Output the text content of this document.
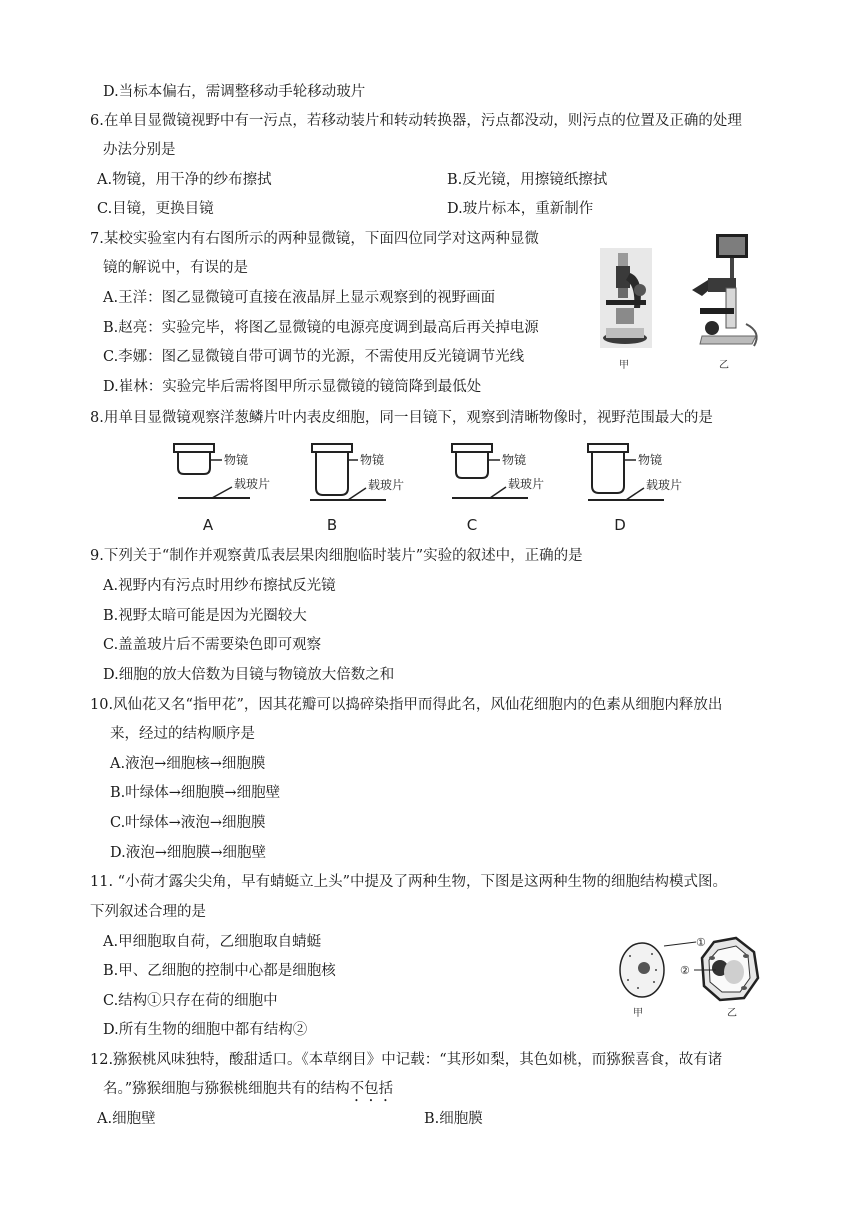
D.当标本偏右，需调整移动手轮移动玻片
6.在单目显微镜视野中有一污点，若移动装片和转动转换器，污点都没动，则污点的位置及正确的处理
办法分别是
A.物镜，用干净的纱布擦拭	B.反光镜，用擦镜纸擦拭
C.目镜，更换目镜	D.玻片标本，重新制作
7.某校实验室内有右图所示的两种显微镜，下面四位同学对这两种显微
镜的解说中，有误的是
A.王洋：图乙显微镜可直接在液晶屏上显示观察到的视野画面
B.赵亮：实验完毕，将图乙显微镜的电源亮度调到最高后再关掉电源
C.李娜：图乙显微镜自带可调节的光源，不需使用反光镜调节光线
D.崔林：实验完毕后需将图甲所示显微镜的镜筒降到最低处
甲	乙
8.用单目显微镜观察洋葱鳞片叶内表皮细胞，同一目镜下，观察到清晰物像时，视野范围最大的是
物镜
载玻片
A
物镜
载玻片
B
物镜
载玻片
C
物镜
载玻片
D
9.下列关于“制作并观察黄瓜表层果肉细胞临时装片”实验的叙述中，正确的是
A.视野内有污点时用纱布擦拭反光镜
B.视野太暗可能是因为光圈较大
C.盖盖玻片后不需要染色即可观察
D.细胞的放大倍数为目镜与物镜放大倍数之和
10.风仙花又名“指甲花”，因其花瓣可以捣碎染指甲而得此名，风仙花细胞内的色素从细胞内释放出
来，经过的结构顺序是
A.液泡→细胞核→细胞膜
B.叶绿体→细胞膜→细胞壁
C.叶绿体→液泡→细胞膜
D.液泡→细胞膜→细胞壁
11. “小荷才露尖尖角，早有蜻蜓立上头”中提及了两种生物，下图是这两种生物的细胞结构模式图。
下列叙述合理的是
A.甲细胞取自荷，乙细胞取自蜻蜓
B.甲、乙细胞的控制中心都是细胞核
C.结构①只存在荷的细胞中
D.所有生物的细胞中都有结构②
①
②
甲	乙
12.猕猴桃风味独特，酸甜适口。《本草纲目》中记载：“其形如梨，其色如桃，而猕猴喜食，故有诸
名。”猕猴细胞与猕猴桃细胞共有的结构不包括
A.细胞壁	B.细胞膜
